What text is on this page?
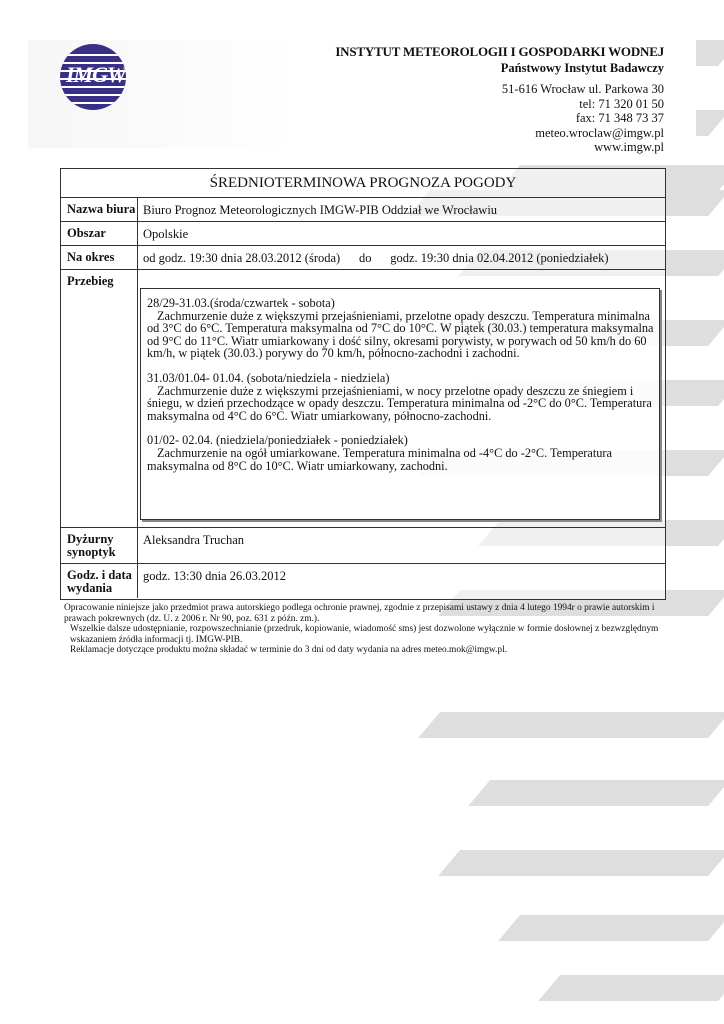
IMGW
INSTYTUT METEOROLOGII I GOSPODARKI WODNEJ
Państwowy Instytut Badawczy
51-616 Wrocław ul. Parkowa 30
tel: 71 320 01 50
fax: 71 348 73 37
meteo.wroclaw@imgw.pl
www.imgw.pl
ŚREDNIOTERMINOWA PROGNOZA POGODY
Nazwa biura Biuro Prognoz Meteorologicznych IMGW-PIB Oddział we Wrocławiu
Obszar	Opolskie
Na okres od godz. 19:30 dnia 28.03.2012 (środa)      do      godz. 19:30 dnia 02.04.2012 (poniedziałek)
Przebieg
Dyżurny
synoptyk
Aleksandra Truchan
Godz. i data
wydania
godz. 13:30 dnia 26.03.2012

28/29-31.03.(środa/czwartek - sobota)
Zachmurzenie duże z większymi przejaśnieniami, przelotne opady deszczu. Temperatura minimalna od 3°C do 6°C. Temperatura maksymalna od 7°C do 10°C. W piątek (30.03.) temperatura maksymalna od 9°C do 11°C. Wiatr umiarkowany i dość silny, okresami porywisty, w porywach od 50 km/h do 60 km/h, w piątek (30.03.) porywy do 70 km/h, północno-zachodni i zachodni.

31.03/01.04- 01.04. (sobota/niedziela - niedziela)
Zachmurzenie duże z większymi przejaśnieniami, w nocy przelotne opady deszczu ze śniegiem i śniegu, w dzień przechodzące w opady deszczu. Temperatura minimalna od -2°C do 0°C. Temperatura maksymalna od 4°C do 6°C. Wiatr umiarkowany, północno-zachodni.

01/02- 02.04. (niedziela/poniedziałek - poniedziałek)
Zachmurzenie na ogół umiarkowane. Temperatura minimalna od -4°C do -2°C. Temperatura maksymalna od 8°C do 10°C. Wiatr umiarkowany, zachodni.

Opracowanie niniejsze jako przedmiot prawa autorskiego podlega ochronie prawnej, zgodnie z przepisami ustawy z dnia 4 lutego 1994r o prawie autorskim i prawach pokrewnych (dz. U. z 2006 r. Nr 90, poz. 631 z późn. zm.).
Wszelkie dalsze udostępnianie, rozpowszechnianie (przedruk, kopiowanie, wiadomość sms) jest dozwolone wyłącznie w formie dosłownej z bezwzględnym wskazaniem źródła informacji tj. IMGW-PIB.
Reklamacje dotyczące produktu można składać w terminie do 3 dni od daty wydania na adres meteo.mok@imgw.pl.
